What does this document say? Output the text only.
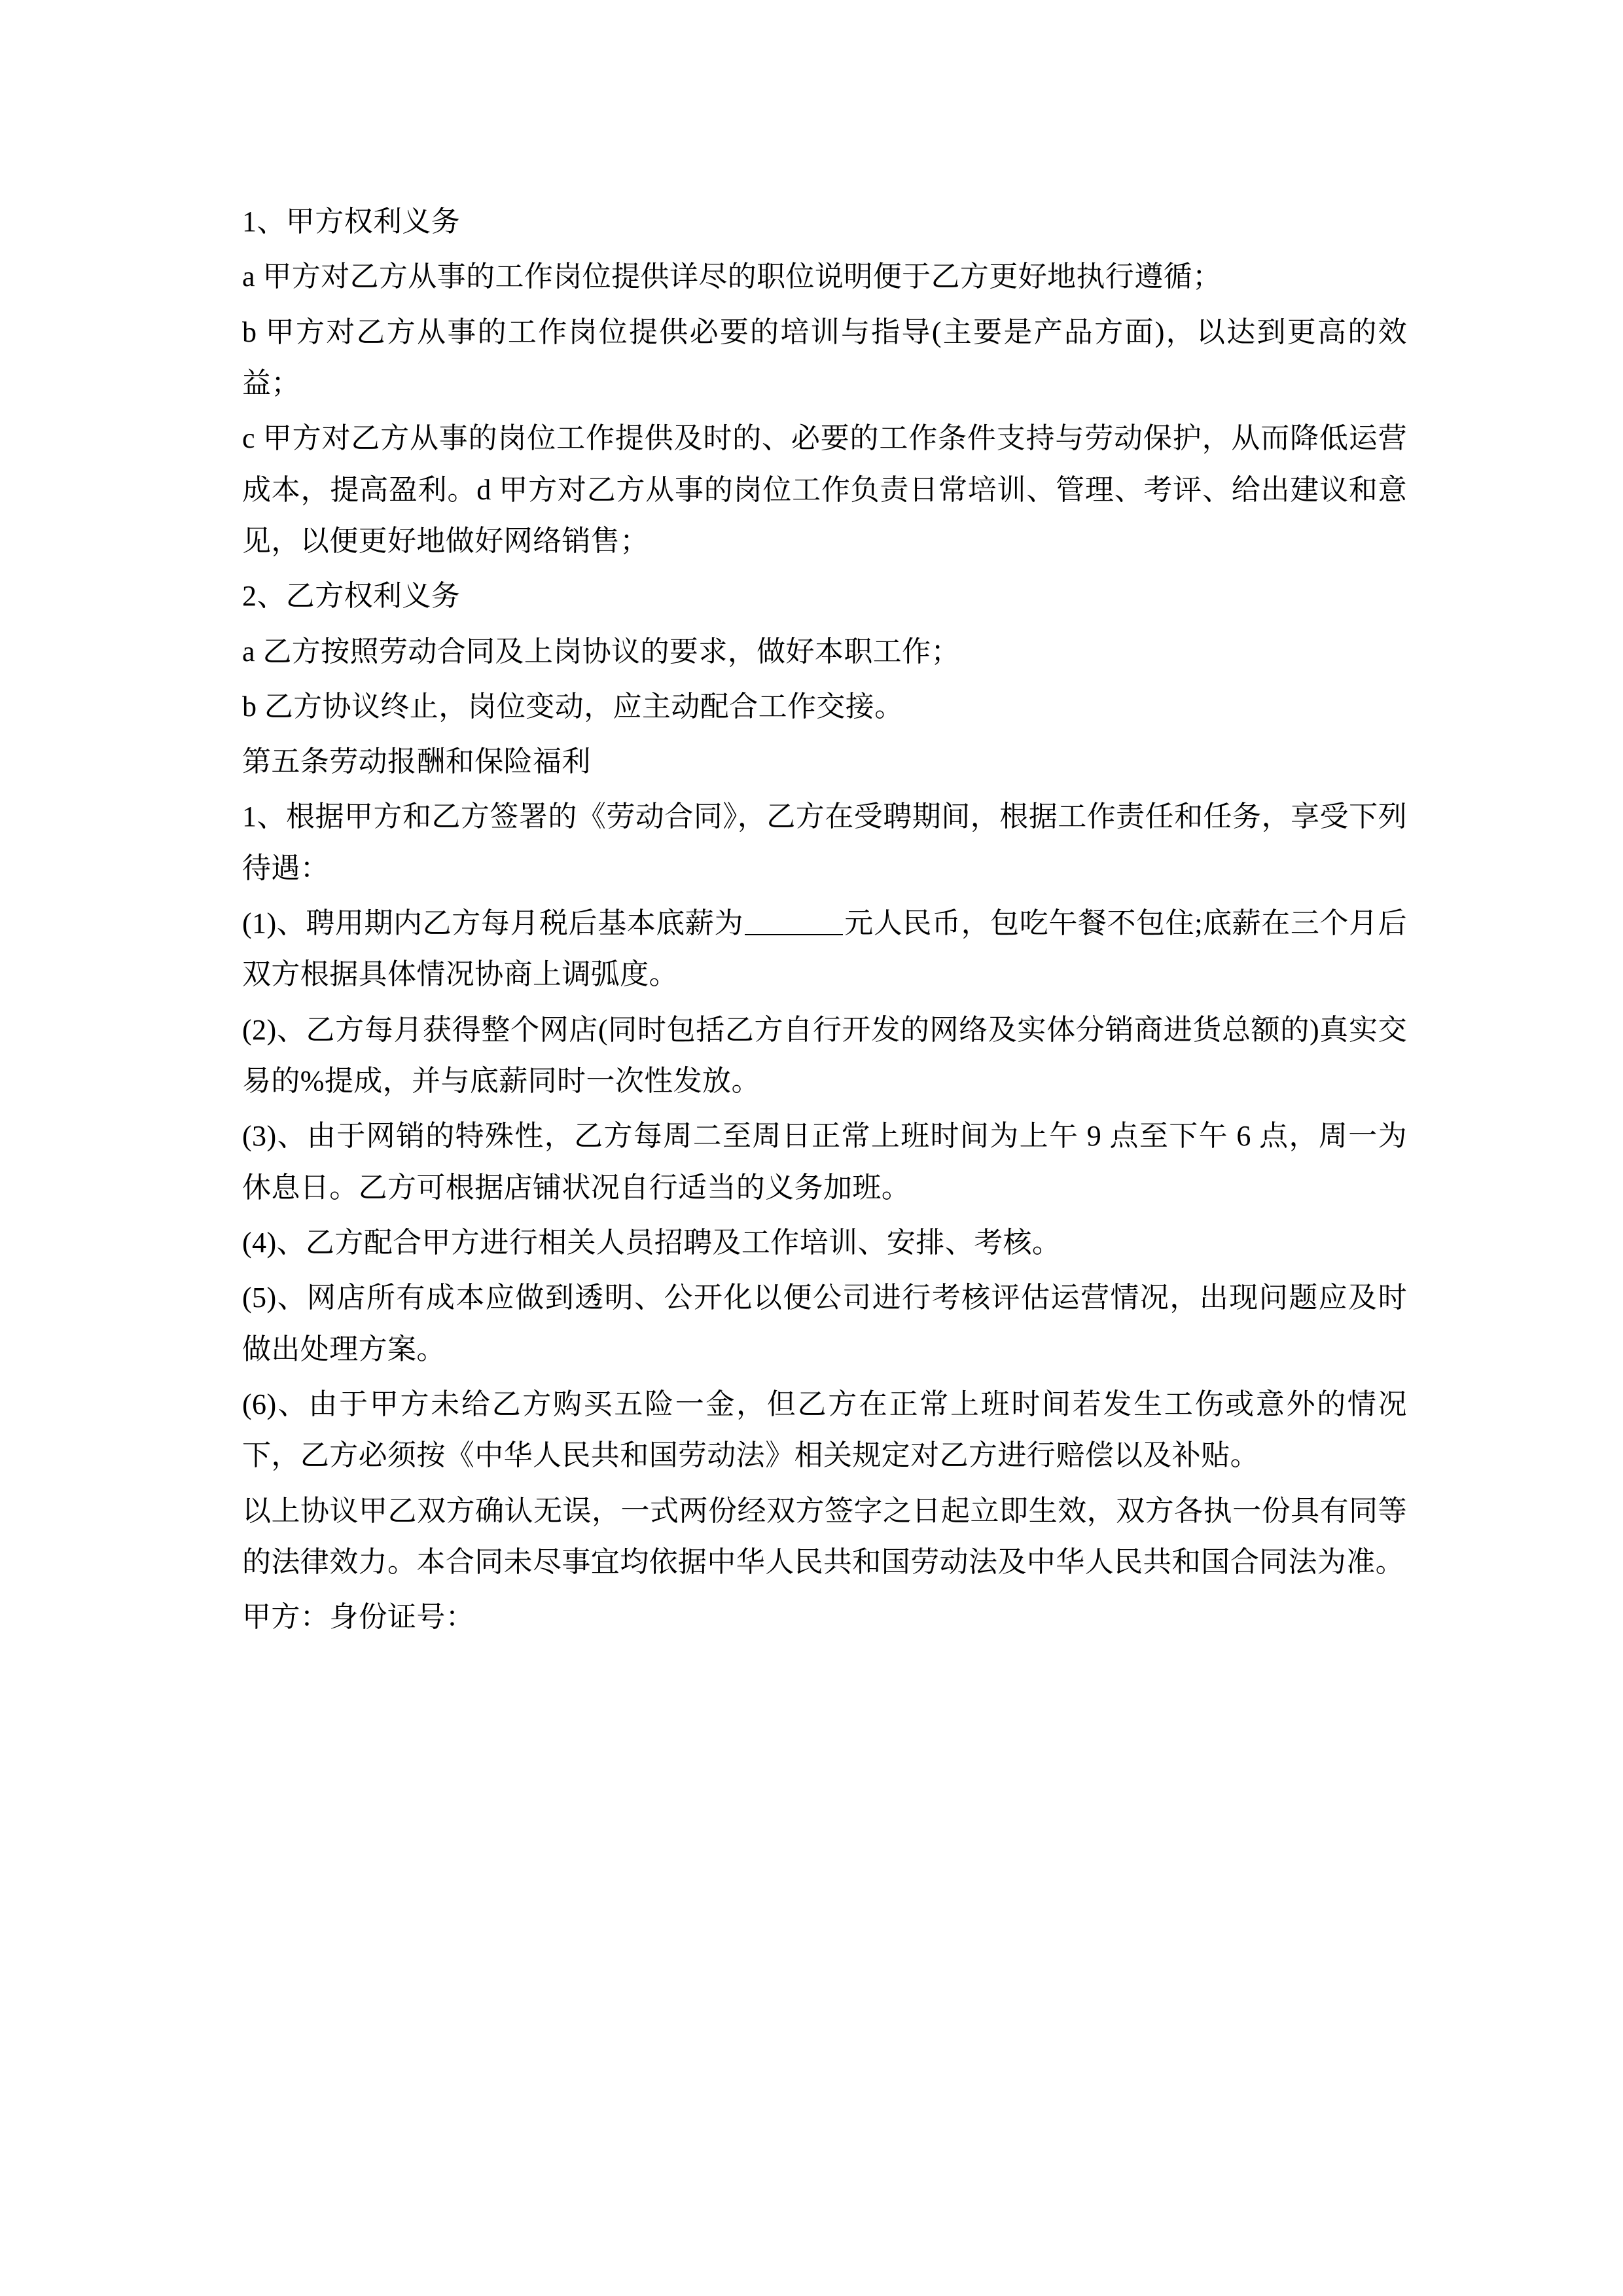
1、甲方权利义务

a 甲方对乙方从事的工作岗位提供详尽的职位说明便于乙方更好地执行遵循；

b 甲方对乙方从事的工作岗位提供必要的培训与指导(主要是产品方面)，以达到更高的效益；

c 甲方对乙方从事的岗位工作提供及时的、必要的工作条件支持与劳动保护，从而降低运营成本，提高盈利。d 甲方对乙方从事的岗位工作负责日常培训、管理、考评、给出建议和意见，以便更好地做好网络销售；

2、乙方权利义务

a 乙方按照劳动合同及上岗协议的要求，做好本职工作；

b 乙方协议终止，岗位变动，应主动配合工作交接。

第五条劳动报酬和保险福利

1、根据甲方和乙方签署的《劳动合同》，乙方在受聘期间，根据工作责任和任务，享受下列待遇：

(1)、聘用期内乙方每月税后基本底薪为	元人民币，包吃午餐不包住;底薪在三个月后双方根据具体情况协商上调弧度。

(2)、乙方每月获得整个网店(同时包括乙方自行开发的网络及实体分销商进货总额的)真实交易的%提成，并与底薪同时一次性发放。

(3)、由于网销的特殊性，乙方每周二至周日正常上班时间为上午 9 点至下午 6 点，周一为休息日。乙方可根据店铺状况自行适当的义务加班。

(4)、乙方配合甲方进行相关人员招聘及工作培训、安排、考核。

(5)、网店所有成本应做到透明、公开化以便公司进行考核评估运营情况，出现问题应及时做出处理方案。

(6)、由于甲方未给乙方购买五险一金，但乙方在正常上班时间若发生工伤或意外的情况下，乙方必须按《中华人民共和国劳动法》相关规定对乙方进行赔偿以及补贴。

以上协议甲乙双方确认无误，一式两份经双方签字之日起立即生效，双方各执一份具有同等的法律效力。本合同未尽事宜均依据中华人民共和国劳动法及中华人民共和国合同法为准。

甲方：身份证号：
